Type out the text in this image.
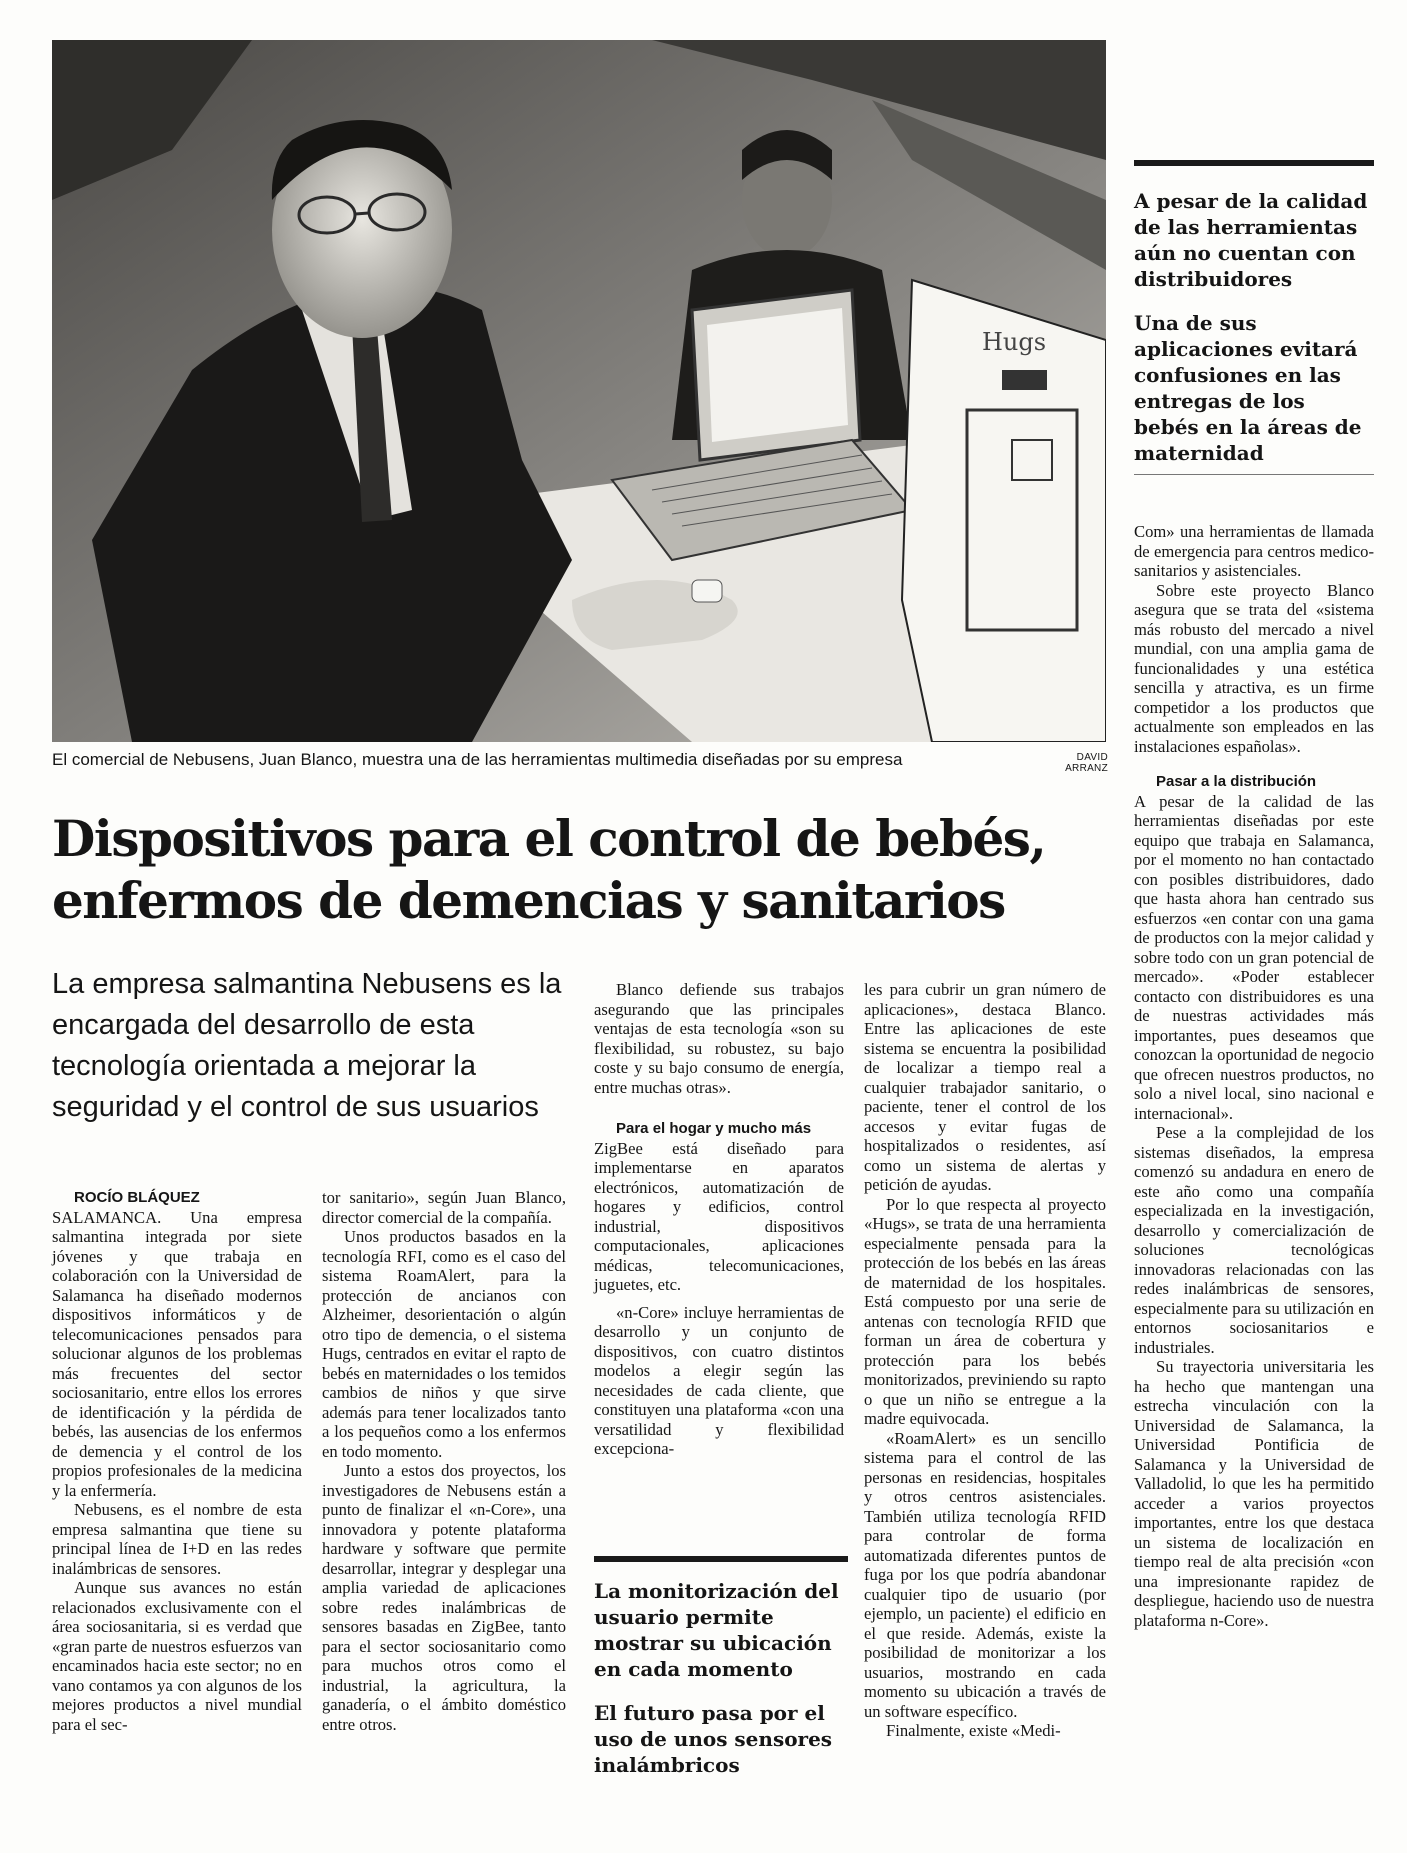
Hugs
El comercial de Nebusens, Juan Blanco, muestra una de las herramientas multimedia diseñadas por su empresa	DAVID ARRANZ
Dispositivos para el control de bebés, enfermos de demencias y sanitarios
La empresa salmantina Nebusens es la encargada del desarrollo de esta tecnología orientada a mejorar la seguridad y el control de sus usuarios

ROCÍO BLÁQUEZ

SALAMANCA. Una empresa salmantina integrada por siete jóvenes y que trabaja en colaboración con la Universidad de Salamanca ha diseñado modernos dispositivos informáticos y de telecomunicaciones pensados para solucionar algunos de los problemas más frecuentes del sector sociosanitario, entre ellos los errores de identificación y la pérdida de bebés, las ausencias de los enfermos de demencia y el control de los propios profesionales de la medicina y la enfermería.

Nebusens, es el nombre de esta empresa salmantina que tiene su principal línea de I+D en las redes inalámbricas de sensores.

Aunque sus avances no están relacionados exclusivamente con el área sociosanitaria, si es verdad que «gran parte de nuestros esfuerzos van encaminados hacia este sector; no en vano contamos ya con algunos de los mejores productos a nivel mundial para el sec-

tor sanitario», según Juan Blanco, director comercial de la compañía.

Unos productos basados en la tecnología RFI, como es el caso del sistema RoamAlert, para la protección de ancianos con Alzheimer, desorientación o algún otro tipo de demencia, o el sistema Hugs, centrados en evitar el rapto de bebés en maternidades o los temidos cambios de niños y que sirve además para tener localizados tanto a los pequeños como a los enfermos en todo momento.

Junto a estos dos proyectos, los investigadores de Nebusens están a punto de finalizar el «n-Core», una innovadora y potente plataforma hardware y software que permite desarrollar, integrar y desplegar una amplia variedad de aplicaciones sobre redes inalámbricas de sensores basadas en ZigBee, tanto para el sector sociosanitario como para muchos otros como el industrial, la agricultura, la ganadería, o el ámbito doméstico entre otros.

Blanco defiende sus trabajos asegurando que las principales ventajas de esta tecnología «son su flexibilidad, su robustez, su bajo coste y su bajo consumo de energía, entre muchas otras».

Para el hogar y mucho más

ZigBee está diseñado para implementarse en aparatos electrónicos, automatización de hogares y edificios, control industrial, dispositivos computacionales, aplicaciones médicas, telecomunicaciones, juguetes, etc.

«n-Core» incluye herramientas de desarrollo y un conjunto de dispositivos, con cuatro distintos modelos a elegir según las necesidades de cada cliente, que constituyen una plataforma «con una versatilidad y flexibilidad excepciona-

La monitorización del usuario permite mostrar su ubicación en cada momento

El futuro pasa por el uso de unos sensores inalámbricos

les para cubrir un gran número de aplicaciones», destaca Blanco. Entre las aplicaciones de este sistema se encuentra la posibilidad de localizar a tiempo real a cualquier trabajador sanitario, o paciente, tener el control de los accesos y evitar fugas de hospitalizados o residentes, así como un sistema de alertas y petición de ayudas.

Por lo que respecta al proyecto «Hugs», se trata de una herramienta especialmente pensada para la protección de los bebés en las áreas de maternidad de los hospitales. Está compuesto por una serie de antenas con tecnología RFID que forman un área de cobertura y protección para los bebés monitorizados, previniendo su rapto o que un niño se entregue a la madre equivocada.

«RoamAlert» es un sencillo sistema para el control de las personas en residencias, hospitales y otros centros asistenciales. También utiliza tecnología RFID para controlar de forma automatizada diferentes puntos de fuga por los que podría abandonar cualquier tipo de usuario (por ejemplo, un paciente) el edificio en el que reside. Además, existe la posibilidad de monitorizar a los usuarios, mostrando en cada momento su ubicación a través de un software específico.

Finalmente, existe «Medi-

A pesar de la calidad de las herramientas aún no cuentan con distribuidores

Una de sus aplicaciones evitará confusiones en las entregas de los bebés en la áreas de maternidad

Com» una herramientas de llamada de emergencia para centros medico-sanitarios y asistenciales.

Sobre este proyecto Blanco asegura que se trata del «sistema más robusto del mercado a nivel mundial, con una amplia gama de funcionalidades y una estética sencilla y atractiva, es un firme competidor a los productos que actualmente son empleados en las instalaciones españolas».

Pasar a la distribución

A pesar de la calidad de las herramientas diseñadas por este equipo que trabaja en Salamanca, por el momento no han contactado con posibles distribuidores, dado que hasta ahora han centrado sus esfuerzos «en contar con una gama de productos con la mejor calidad y sobre todo con un gran potencial de mercado». «Poder establecer contacto con distribuidores es una de nuestras actividades más importantes, pues deseamos que conozcan la oportunidad de negocio que ofrecen nuestros productos, no solo a nivel local, sino nacional e internacional».

Pese a la complejidad de los sistemas diseñados, la empresa comenzó su andadura en enero de este año como una compañía especializada en la investigación, desarrollo y comercialización de soluciones tecnológicas innovadoras relacionadas con las redes inalámbricas de sensores, especialmente para su utilización en entornos sociosanitarios e industriales.

Su trayectoria universitaria les ha hecho que mantengan una estrecha vinculación con la Universidad de Salamanca, la Universidad Pontificia de Salamanca y la Universidad de Valladolid, lo que les ha permitido acceder a varios proyectos importantes, entre los que destaca un sistema de localización en tiempo real de alta precisión «con una impresionante rapidez de despliegue, haciendo uso de nuestra plataforma n-Core».
